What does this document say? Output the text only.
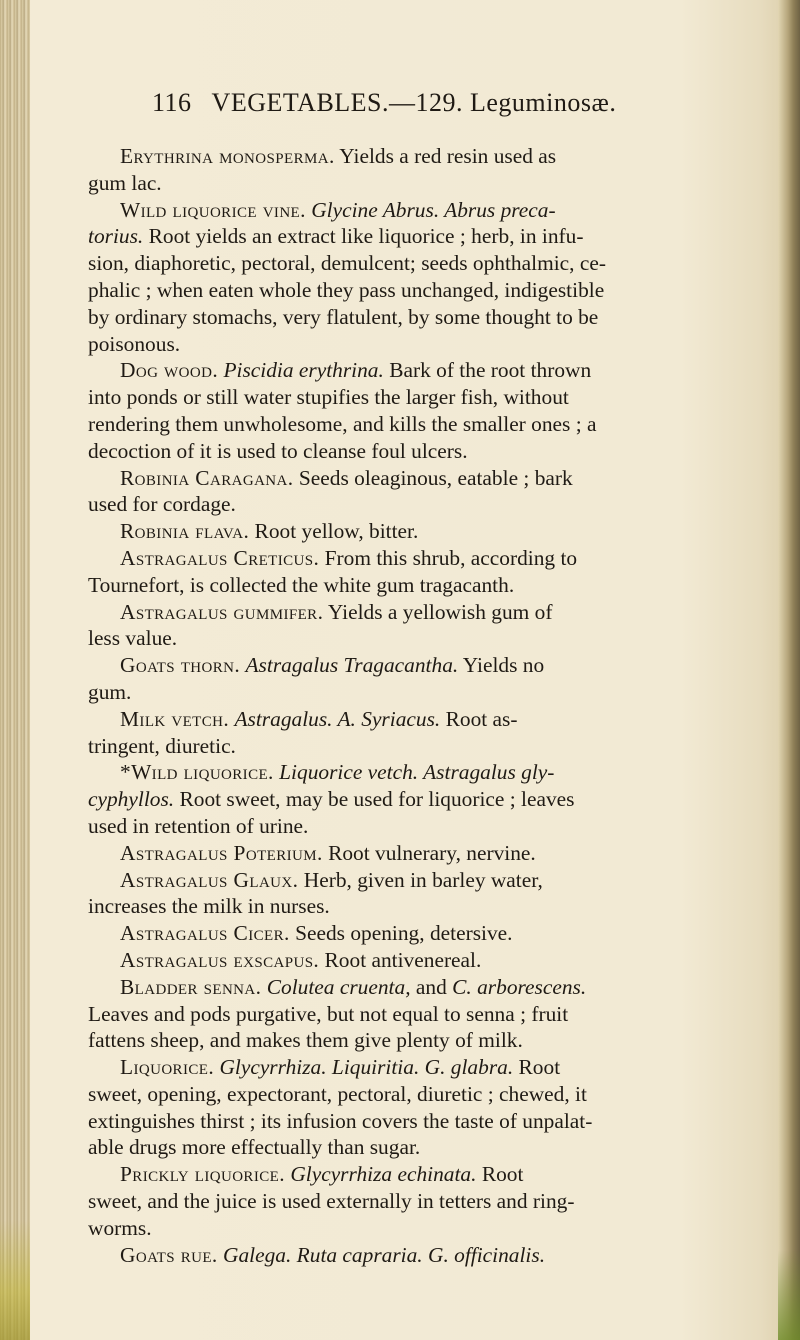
116 VEGETABLES.—129. Leguminosæ.

Erythrina monosperma. Yields a red resin used as
gum lac.

Wild liquorice vine. Glycine Abrus. Abrus preca-
torius. Root yields an extract like liquorice ; herb, in infu-
sion, diaphoretic, pectoral, demulcent; seeds ophthalmic, ce-
phalic ; when eaten whole they pass unchanged, indigestible
by ordinary stomachs, very flatulent, by some thought to be
poisonous.

Dog wood. Piscidia erythrina. Bark of the root thrown
into ponds or still water stupifies the larger fish, without
rendering them unwholesome, and kills the smaller ones ; a
decoction of it is used to cleanse foul ulcers.

Robinia Caragana. Seeds oleaginous, eatable ; bark
used for cordage.

Robinia flava. Root yellow, bitter.

Astragalus Creticus. From this shrub, according to
Tournefort, is collected the white gum tragacanth.

Astragalus gummifer. Yields a yellowish gum of
less value.

Goats thorn. Astragalus Tragacantha. Yields no
gum.

Milk vetch. Astragalus. A. Syriacus. Root as-
tringent, diuretic.

*Wild liquorice. Liquorice vetch. Astragalus gly-
cyphyllos. Root sweet, may be used for liquorice ; leaves
used in retention of urine.

Astragalus Poterium. Root vulnerary, nervine.

Astragalus Glaux. Herb, given in barley water,
increases the milk in nurses.

Astragalus Cicer. Seeds opening, detersive.

Astragalus exscapus. Root antivenereal.

Bladder senna. Colutea cruenta, and C. arborescens.
Leaves and pods purgative, but not equal to senna ; fruit
fattens sheep, and makes them give plenty of milk.

Liquorice. Glycyrrhiza. Liquiritia. G. glabra. Root
sweet, opening, expectorant, pectoral, diuretic ; chewed, it
extinguishes thirst ; its infusion covers the taste of unpalat-
able drugs more effectually than sugar.

Prickly liquorice. Glycyrrhiza echinata. Root
sweet, and the juice is used externally in tetters and ring-
worms.

Goats rue. Galega. Ruta capraria. G. officinalis.
